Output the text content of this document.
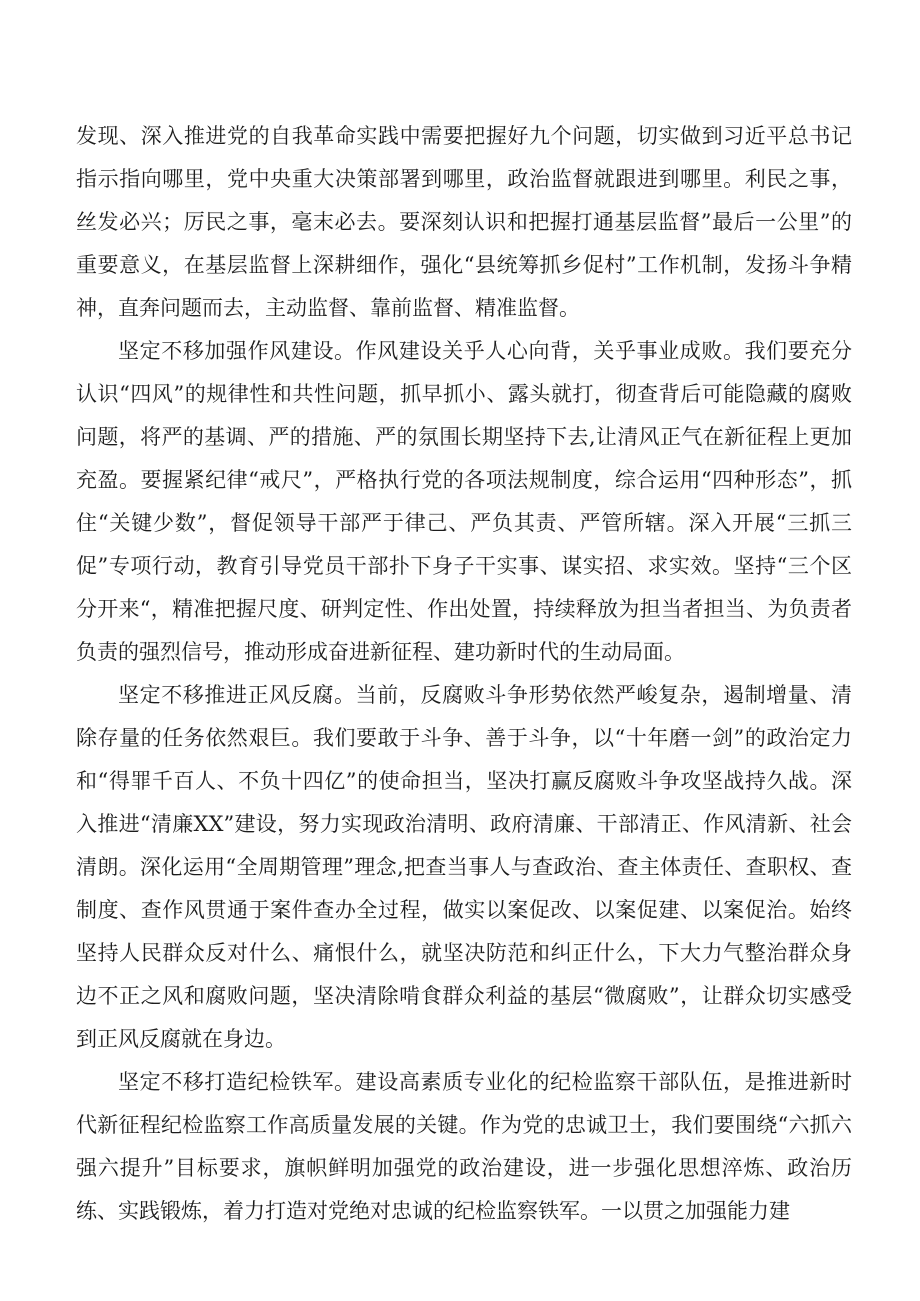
发现、深入推进党的自我革命实践中需要把握好九个问题，切实做到习近平总书记指示指向哪里，党中央重大决策部署到哪里，政治监督就跟进到哪里。利民之事，丝发必兴；厉民之事，毫末必去。要深刻认识和把握打通基层监督”最后一公里”的重要意义，在基层监督上深耕细作，强化“县统筹抓乡促村”工作机制，发扬斗争精神，直奔问题而去，主动监督、靠前监督、精准监督。

坚定不移加强作风建设。作风建设关乎人心向背，关乎事业成败。我们要充分认识“四风”的规律性和共性问题，抓早抓小、露头就打，彻查背后可能隐藏的腐败问题，将严的基调、严的措施、严的氛围长期坚持下去,让清风正气在新征程上更加充盈。要握紧纪律“戒尺”，严格执行党的各项法规制度，综合运用“四种形态”，抓住“关键少数”，督促领导干部严于律己、严负其责、严管所辖。深入开展“三抓三促”专项行动，教育引导党员干部扑下身子干实事、谋实招、求实效。坚持“三个区分开来“，精准把握尺度、研判定性、作出处置，持续释放为担当者担当、为负责者负责的强烈信号，推动形成奋进新征程、建功新时代的生动局面。

坚定不移推进正风反腐。当前，反腐败斗争形势依然严峻复杂，遏制增量、清除存量的任务依然艰巨。我们要敢于斗争、善于斗争，以“十年磨一剑”的政治定力和“得罪千百人、不负十四亿”的使命担当，坚决打赢反腐败斗争攻坚战持久战。深入推进“清廉XX”建设，努力实现政治清明、政府清廉、干部清正、作风清新、社会清朗。深化运用“全周期管理”理念,把查当事人与查政治、查主体责任、查职权、查制度、查作风贯通于案件查办全过程，做实以案促改、以案促建、以案促治。始终坚持人民群众反对什么、痛恨什么，就坚决防范和纠正什么，下大力气整治群众身边不正之风和腐败问题，坚决清除啃食群众利益的基层“微腐败”，让群众切实感受到正风反腐就在身边。

坚定不移打造纪检铁军。建设高素质专业化的纪检监察干部队伍，是推进新时代新征程纪检监察工作高质量发展的关键。作为党的忠诚卫士，我们要围绕“六抓六强六提升”目标要求，旗帜鲜明加强党的政治建设，进一步强化思想淬炼、政治历练、实践锻炼，着力打造对党绝对忠诚的纪检监察铁军。一以贯之加强能力建
